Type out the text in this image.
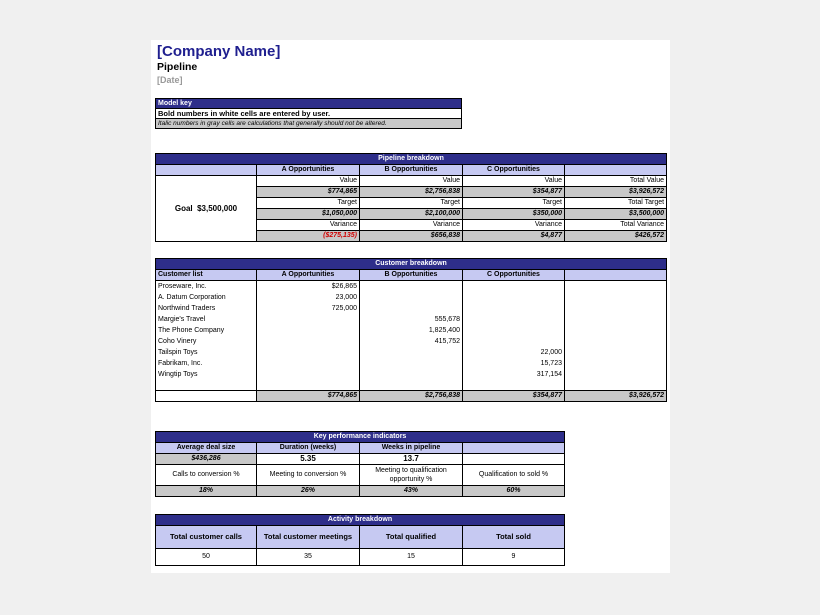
[Company Name]
Pipeline
[Date]
Model key
Bold numbers in white cells are entered by user.
Italic numbers in gray cells are calculations that generally should not be altered.
Pipeline breakdown				
	A Opportunities	B Opportunities	C Opportunities	
Goal $3,500,000	Value	Value	Value	Total Value
	$774,865	$2,756,838	$354,877	$3,926,572
	Target	Target	Target	Total Target
	$1,050,000	$2,100,000	$350,000	$3,500,000
	Variance	Variance	Variance	Total Variance
	($275,135)	$656,838	$4,877	$426,572
Customer breakdown				
Customer list	A Opportunities	B Opportunities	C Opportunities	
Proseware, Inc.	$26,865			
A. Datum Corporation	23,000			
Northwind Traders	725,000			
Margie's Travel		555,678		
The Phone Company		1,825,400		
Coho Vinery		415,752		
Tailspin Toys			22,000	
Fabrikam, Inc.			15,723	
Wingtip Toys			317,154	

	$774,865	$2,756,838	$354,877	$3,926,572
Key performance indicators			
Average deal size	Duration (weeks)	Weeks in pipeline	
$436,286	5.35	13.7	
Calls to conversion %	Meeting to conversion %	Meeting to qualification opportunity %	Qualification to sold %
18%	26%	43%	60%
Activity breakdown			
Total customer calls	Total customer meetings	Total qualified	Total sold
50	35	15	9
